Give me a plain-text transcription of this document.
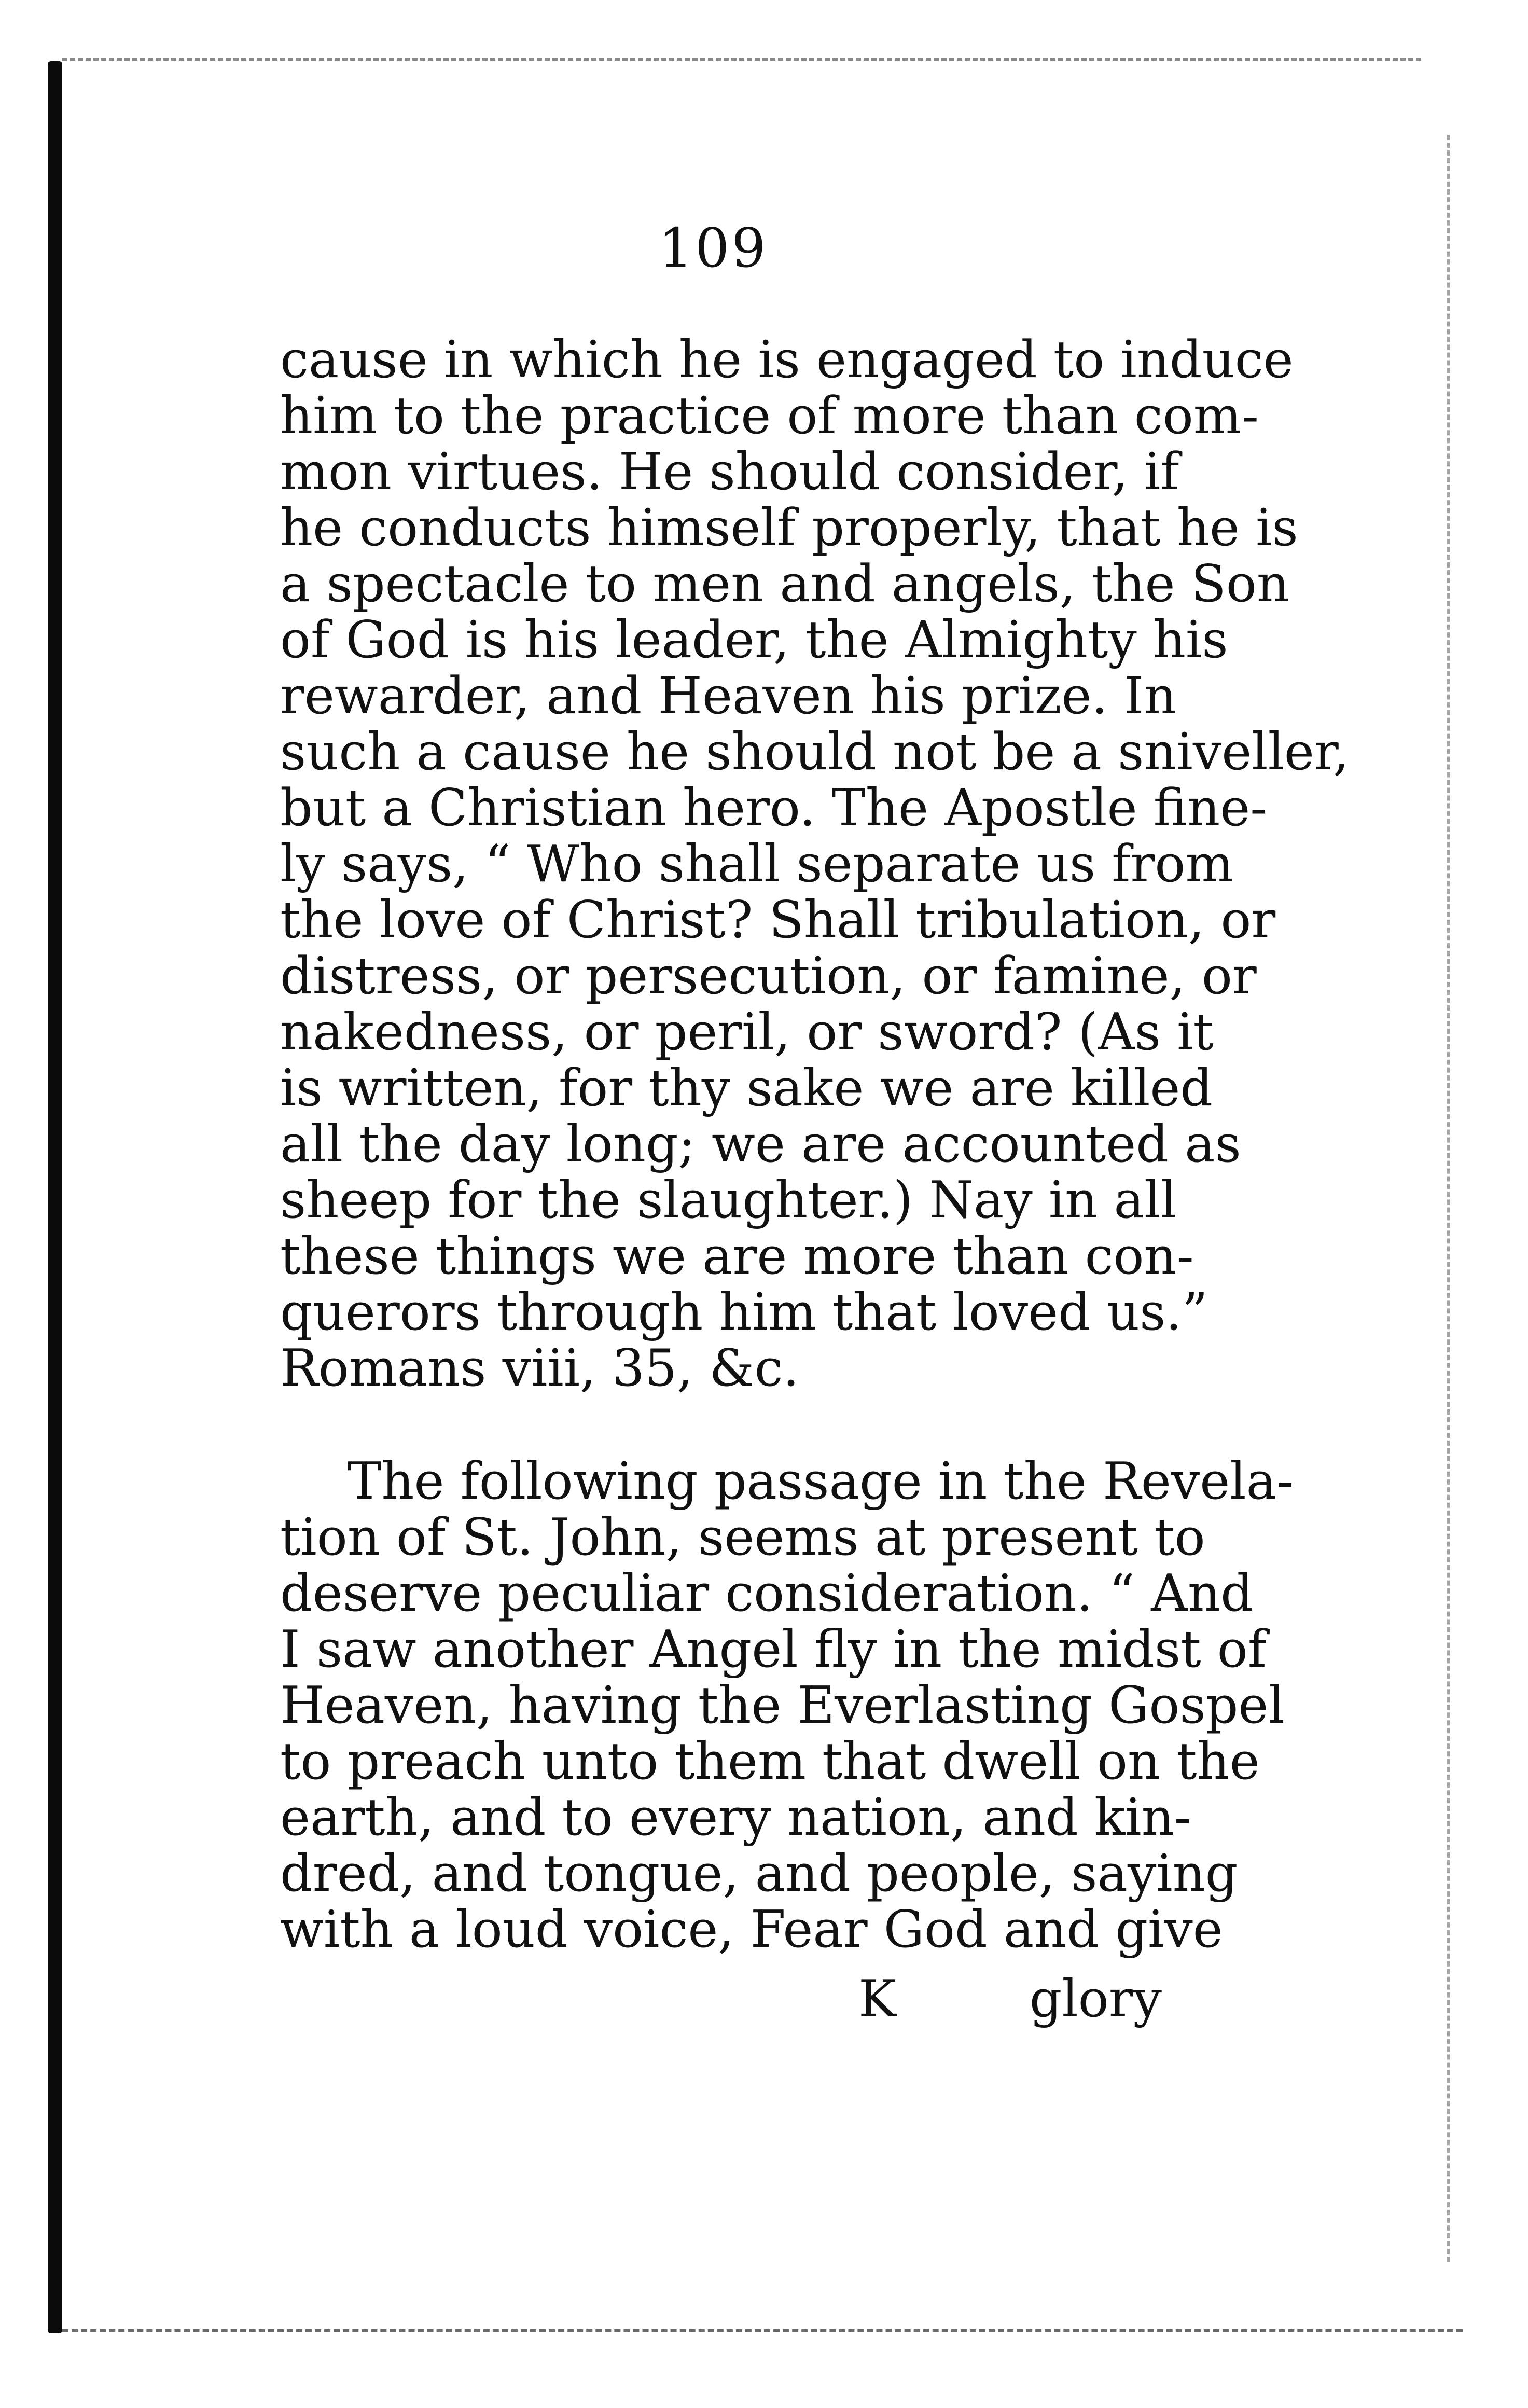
109
cause in which he is engaged to induce
him to the practice of more than com-
mon virtues. He should consider, if
he conducts himself properly, that he is
a spectacle to men and angels, the Son
of God is his leader, the Almighty his
rewarder, and Heaven his prize. In
such a cause he should not be a sniveller,
but a Christian hero. The Apostle fine-
ly says, “ Who shall separate us from
the love of Christ? Shall tribulation, or
distress, or persecution, or famine, or
nakedness, or peril, or sword? (As it
is written, for thy sake we are killed
all the day long; we are accounted as
sheep for the slaughter.) Nay in all
these things we are more than con-
querors through him that loved us.”
Romans viii, 35, &c.
The following passage in the Revela-
tion of St. John, seems at present to
deserve peculiar consideration. “ And
I saw another Angel fly in the midst of
Heaven, having the Everlasting Gospel
to preach unto them that dwell on the
earth, and to every nation, and kin-
dred, and tongue, and people, saying
with a loud voice, Fear God and give
K	glory
